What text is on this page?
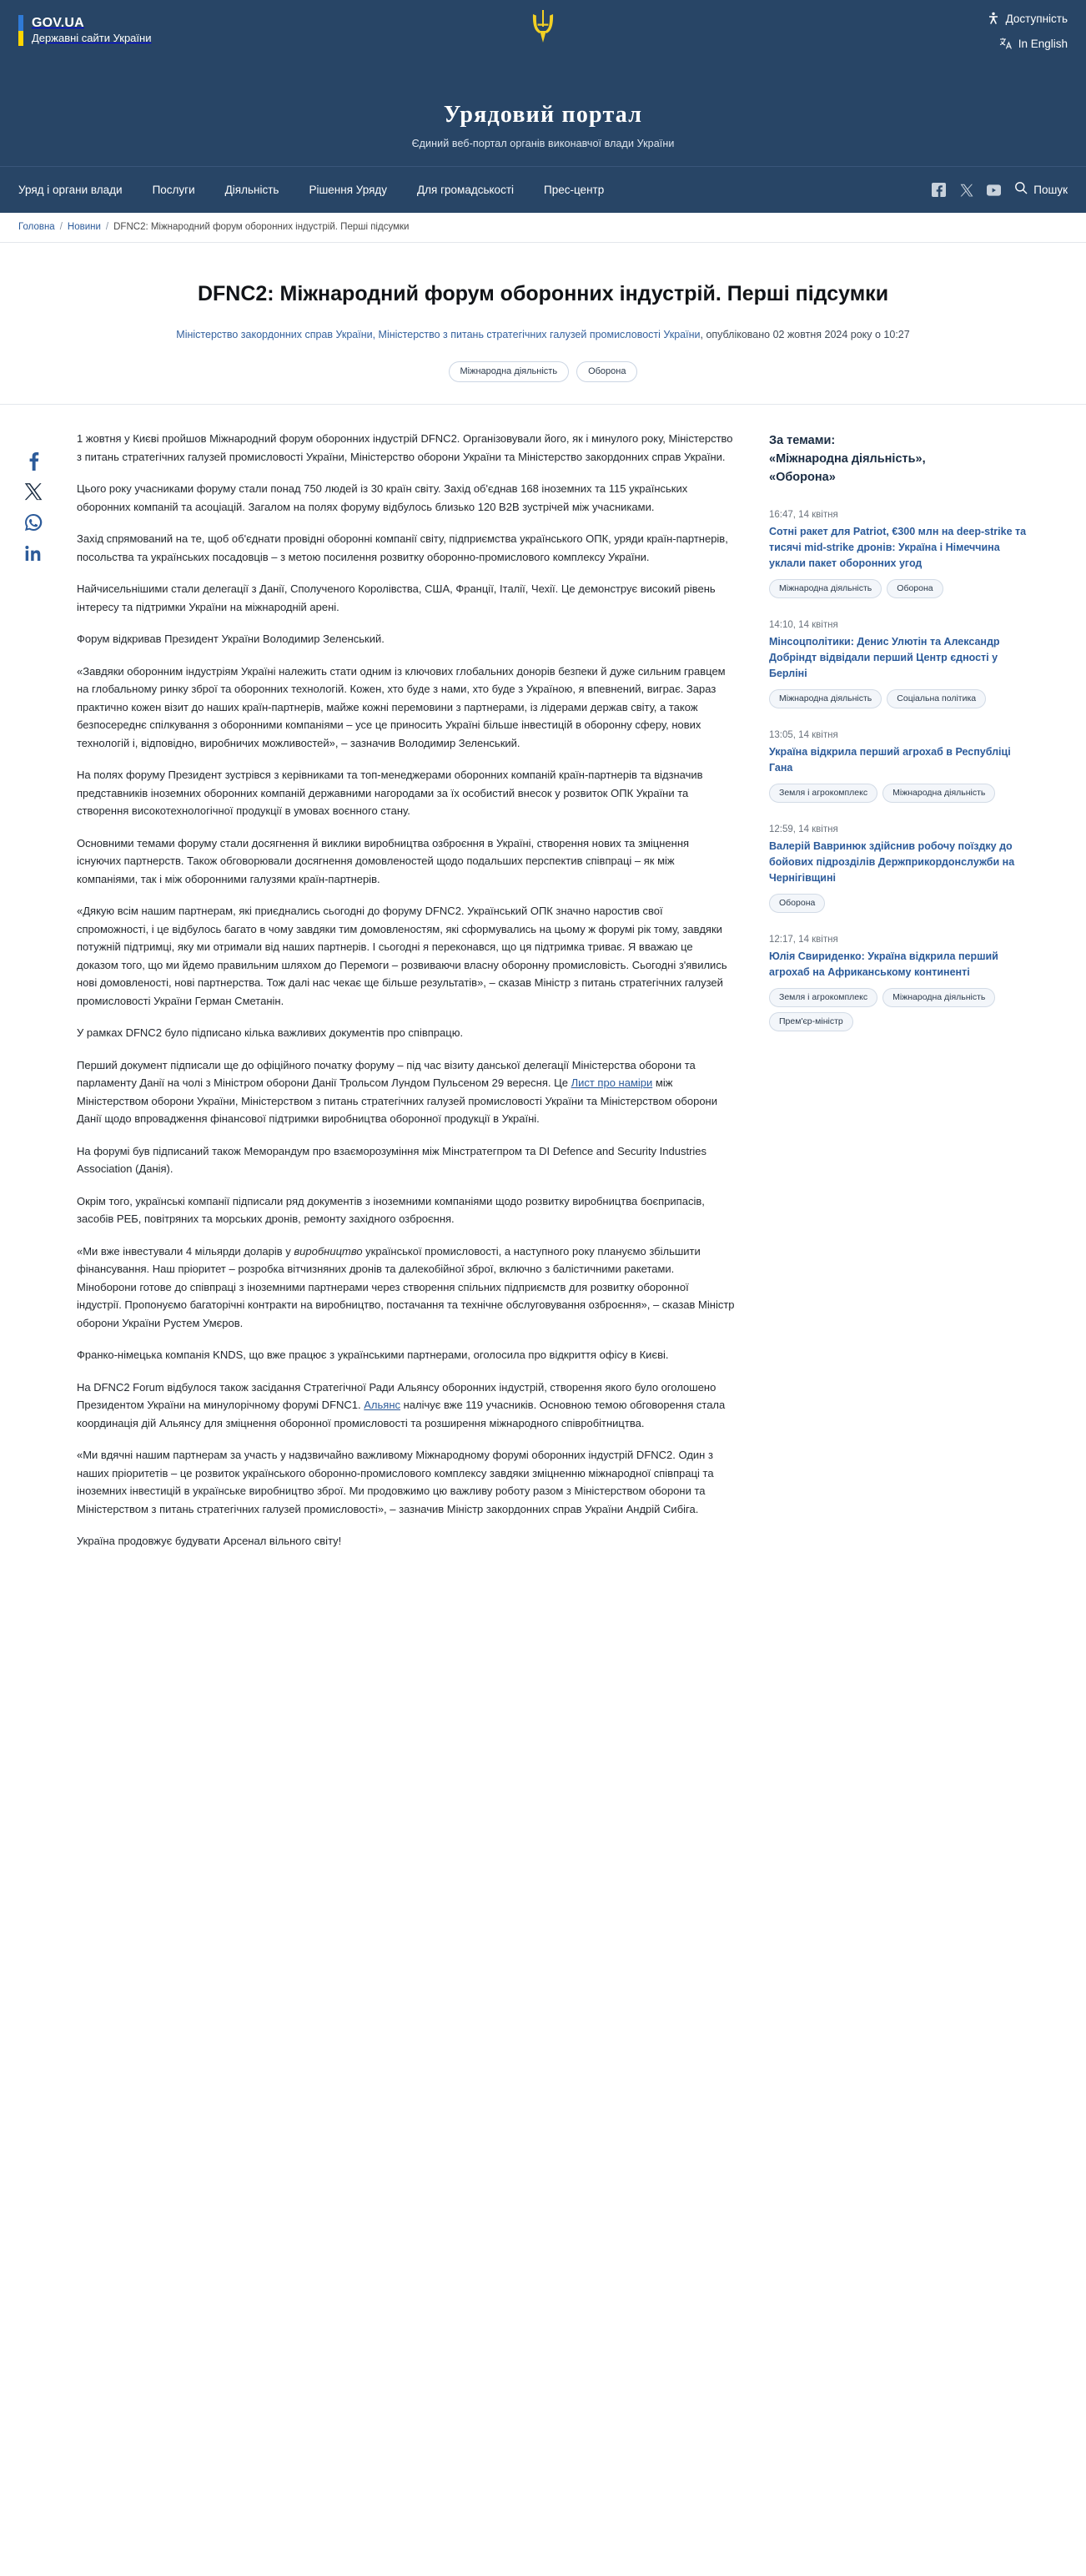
GOV.UA
Державні сайти України
Доступність
In English
Урядовий портал
Єдиний веб-портал органів виконавчої влади України
Уряд і органи влади	Послуги	Діяльність	Рішення Уряду	Для громадськості	Прес-центр	Пошук
Головна / Новини / DFNC2: Міжнародний форум оборонних індустрій. Перші підсумки
DFNC2: Міжнародний форум оборонних індустрій. Перші підсумки
Міністерство закордонних справ України, Міністерство з питань стратегічних галузей промисловості України, опубліковано 02 жовтня 2024 року о 10:27
Міжнародна діяльність	Оборона

1 жовтня у Києві пройшов Міжнародний форум оборонних індустрій DFNC2. Організовували його, як і минулого року, Міністерство з питань стратегічних галузей промисловості України, Міністерство оборони України та Міністерство закордонних справ України.

Цього року учасниками форуму стали понад 750 людей із 30 країн світу. Захід об'єднав 168 іноземних та 115 українських оборонних компаній та асоціацій. Загалом на полях форуму відбулось близько 120 B2B зустрічей між учасниками.

Захід спрямований на те, щоб об'єднати провідні оборонні компанії світу, підприємства українського ОПК, уряди країн-партнерів, посольства та українських посадовців – з метою посилення розвитку оборонно-промислового комплексу України.

Найчисельнішими стали делегації з Данії, Сполученого Королівства, США, Франції, Італії, Чехії. Це демонструє високий рівень інтересу та підтримки України на міжнародній арені.

Форум відкривав Президент України Володимир Зеленський.

«Завдяки оборонним індустріям Україні належить стати одним із ключових глобальних донорів безпеки й дуже сильним гравцем на глобальному ринку зброї та оборонних технологій. Кожен, хто буде з нами, хто буде з Україною, я впевнений, виграє. Зараз практично кожен візит до наших країн-партнерів, майже кожні перемовини з партнерами, із лідерами держав світу, а також безпосереднє спілкування з оборонними компаніями – усе це приносить Україні більше інвестицій в оборонну сферу, нових технологій і, відповідно, виробничих можливостей», – зазначив Володимир Зеленський.

На полях форуму Президент зустрівся з керівниками та топ-менеджерами оборонних компаній країн-партнерів та відзначив представників іноземних оборонних компаній державними нагородами за їх особистий внесок у розвиток ОПК України та створення високотехнологічної продукції в умовах воєнного стану.

Основними темами форуму стали досягнення й виклики виробництва озброєння в Україні, створення нових та зміцнення існуючих партнерств. Також обговорювали досягнення домовленостей щодо подальших перспектив співпраці – як між компаніями, так і між оборонними галузями країн-партнерів.

«Дякую всім нашим партнерам, які приєднались сьогодні до форуму DFNC2. Український ОПК значно наростив свої спроможності, і це відбулось багато в чому завдяки тим домовленостям, які сформувались на цьому ж форумі рік тому, завдяки потужній підтримці, яку ми отримали від наших партнерів. І сьогодні я переконався, що ця підтримка триває. Я вважаю це доказом того, що ми йдемо правильним шляхом до Перемоги – розвиваючи власну оборонну промисловість. Сьогодні з'явились нові домовленості, нові партнерства. Тож далі нас чекає ще більше результатів», – сказав Міністр з питань стратегічних галузей промисловості України Герман Сметанін.

У рамках DFNC2 було підписано кілька важливих документів про співпрацю.

Перший документ підписали ще до офіційного початку форуму – під час візиту данської делегації Міністерства оборони та парламенту Данії на чолі з Міністром оборони Данії Трольсом Лундом Пульсеном 29 вересня. Це Лист про наміри між Міністерством оборони України, Міністерством з питань стратегічних галузей промисловості України та Міністерством оборони Данії щодо впровадження фінансової підтримки виробництва оборонної продукції в Україні.

На форумі був підписаний також Меморандум про взаєморозуміння між Мінстратегпром та DI Defence and Security Industries Association (Данія).

Окрім того, українські компанії підписали ряд документів з іноземними компаніями щодо розвитку виробництва боєприпасів, засобів РЕБ, повітряних та морських дронів, ремонту західного озброєння.

«Ми вже інвестували 4 мільярди доларів у виробництво української промисловості, а наступного року плануємо збільшити фінансування. Наш пріоритет – розробка вітчизняних дронів та далекобійної зброї, включно з балістичними ракетами. Міноборони готове до співпраці з іноземними партнерами через створення спільних підприємств для розвитку оборонної індустрії. Пропонуємо багаторічні контракти на виробництво, постачання та технічне обслуговування озброєння», – сказав Міністр оборони України Рустем Умєров.

Франко-німецька компанія KNDS, що вже працює з українськими партнерами, оголосила про відкриття офісу в Києві.

На DFNC2 Forum відбулося також засідання Стратегічної Ради Альянсу оборонних індустрій, створення якого було оголошено Президентом України на минулорічному форумі DFNC1. Альянс налічує вже 119 учасників. Основною темою обговорення стала координація дій Альянсу для зміцнення оборонної промисловості та розширення міжнародного співробітництва.

«Ми вдячні нашим партнерам за участь у надзвичайно важливому Міжнародному форумі оборонних індустрій DFNC2. Один з наших пріоритетів – це розвиток українського оборонно-промислового комплексу завдяки зміцненню міжнародної співпраці та іноземних інвестицій в українське виробництво зброї. Ми продовжимо цю важливу роботу разом з Міністерством оборони та Міністерством з питань стратегічних галузей промисловості», – зазначив Міністр закордонних справ України Андрій Сибіга.

Україна продовжує будувати Арсенал вільного світу!

За темами:
«Міжнародна діяльність»,
«Оборона»
16:47, 14 квітня
Сотні ракет для Patriot, €300 млн на deep-strike та тисячі mid-strike дронів: Україна і Німеччина уклали пакет оборонних угод
Міжнародна діяльність	Оборона
14:10, 14 квітня
Мінсоцполітики: Денис Улютін та Александр Добріндт відвідали перший Центр єдності у Берліні
Міжнародна діяльність	Соціальна політика
13:05, 14 квітня
Україна відкрила перший агрохаб в Республіці Гана
Земля і агрокомплекс	Міжнародна діяльність
12:59, 14 квітня
Валерій Вавринюк здійснив робочу поїздку до бойових підрозділів Держприкордонслужби на Чернігівщині
Оборона
12:17, 14 квітня
Юлія Свириденко: Україна відкрила перший агрохаб на Африканському континенті
Земля і агрокомплекс	Міжнародна діяльність
Прем'єр-міністр
